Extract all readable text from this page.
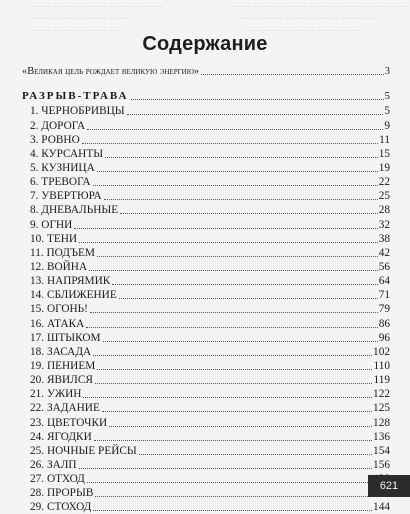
— — — — — — — — — — — — — — — —
— — — — — — — — — — — —
— — — — — — — — —	— — — — — — — — — — — —
— — — — — — — —	— — — — — — — — — —
Содержание
«Великая цель рождает великую энергию»	3
РАЗРЫВ-ТРАВА	5
1. ЧЕРНОБРИВЦЫ	5
2. ДОРОГА	9
3. РОВНО	11
4. КУРСАНТЫ	15
5. КУЗНИЦА	19
6. ТРЕВОГА	22
7. УВЕРТЮРА	25
8. ДНЕВАЛЬНЫЕ	28
9. ОГНИ	32
10. ТЕНИ	38
11. ПОДЪЕМ	42
12. ВОЙНА	56
13. НАПРЯМИК	64
14. СБЛИЖЕНИЕ	71
15. ОГОНЬ!	79
16. АТАКА	86
17. ШТЫКОМ	96
18. ЗАСАДА	102
19. ПЕНИЕМ	110
20. ЯВИЛСЯ	119
21. УЖИН	122
22. ЗАДАНИЕ	125
23. ЦВЕТОЧКИ	128
24. ЯГОДКИ	136
25. НОЧНЫЕ РЕЙСЫ	154
26. ЗАЛП	156
27. ОТХОД
28. ПРОРЫВ
29. СТОХОД	144
621
